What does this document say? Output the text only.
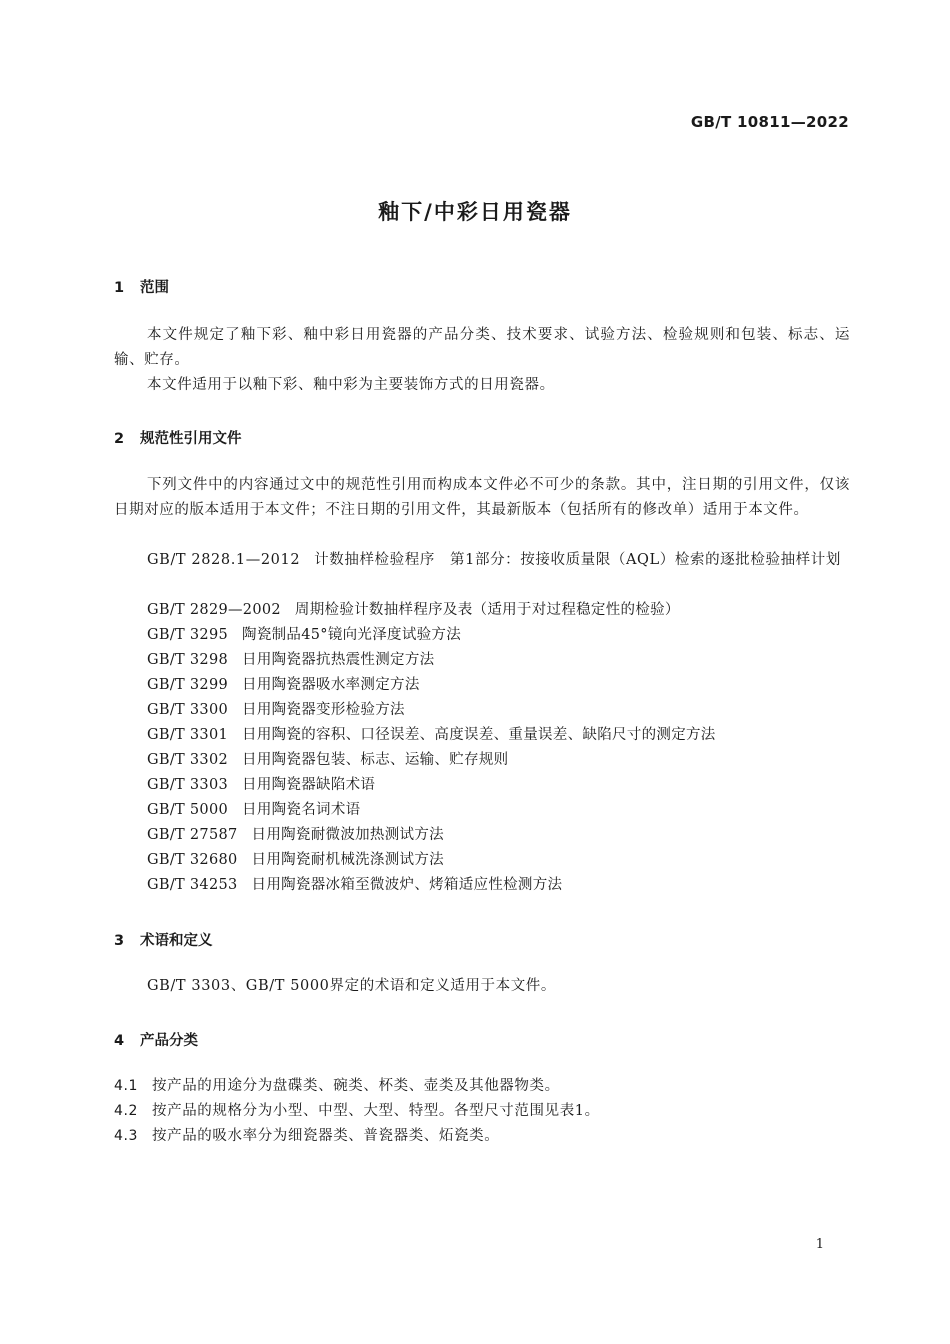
GB/T 10811—2022
釉下/中彩日用瓷器
1 范围
本文件规定了釉下彩、釉中彩日用瓷器的产品分类、技术要求、试验方法、检验规则和包装、标志、运输、贮存。
本文件适用于以釉下彩、釉中彩为主要装饰方式的日用瓷器。
2 规范性引用文件
下列文件中的内容通过文中的规范性引用而构成本文件必不可少的条款。其中，注日期的引用文件，仅该日期对应的版本适用于本文件；不注日期的引用文件，其最新版本（包括所有的修改单）适用于本文件。
GB/T 2828.1—2012 计数抽样检验程序　第1部分：按接收质量限（AQL）检索的逐批检验抽样计划
GB/T 2829—2002 周期检验计数抽样程序及表（适用于对过程稳定性的检验）
GB/T 3295 陶瓷制品45°镜向光泽度试验方法
GB/T 3298 日用陶瓷器抗热震性测定方法
GB/T 3299 日用陶瓷器吸水率测定方法
GB/T 3300 日用陶瓷器变形检验方法
GB/T 3301 日用陶瓷的容积、口径误差、高度误差、重量误差、缺陷尺寸的测定方法
GB/T 3302 日用陶瓷器包装、标志、运输、贮存规则
GB/T 3303 日用陶瓷器缺陷术语
GB/T 5000 日用陶瓷名词术语
GB/T 27587 日用陶瓷耐微波加热测试方法
GB/T 32680 日用陶瓷耐机械洗涤测试方法
GB/T 34253 日用陶瓷器冰箱至微波炉、烤箱适应性检测方法
3 术语和定义
GB/T 3303、GB/T 5000界定的术语和定义适用于本文件。
4 产品分类
4.1 按产品的用途分为盘碟类、碗类、杯类、壶类及其他器物类。
4.2 按产品的规格分为小型、中型、大型、特型。各型尺寸范围见表1。
4.3 按产品的吸水率分为细瓷器类、普瓷器类、炻瓷类。
1
